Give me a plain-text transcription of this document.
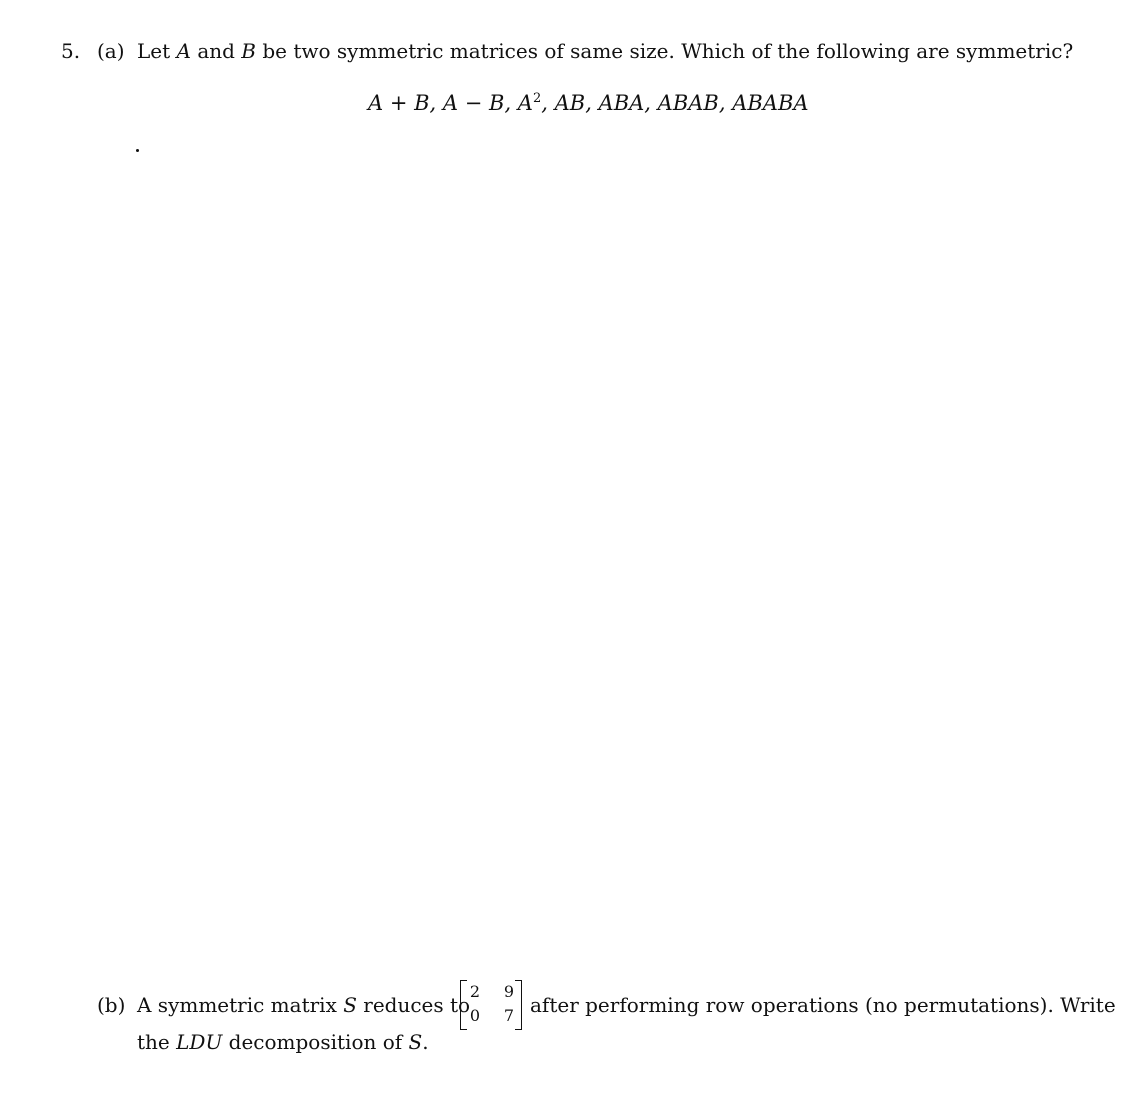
5. (a) Let A and B be two symmetric matrices of same size. Which of the following are symmetric?
A + B, A − B, $A^2$, AB, ABA, ABAB, ABABA
(b) A symmetric matrix S reduces to
2 9
0 7 after performing row operations (no permutations). Write
the LDU decomposition of S.
